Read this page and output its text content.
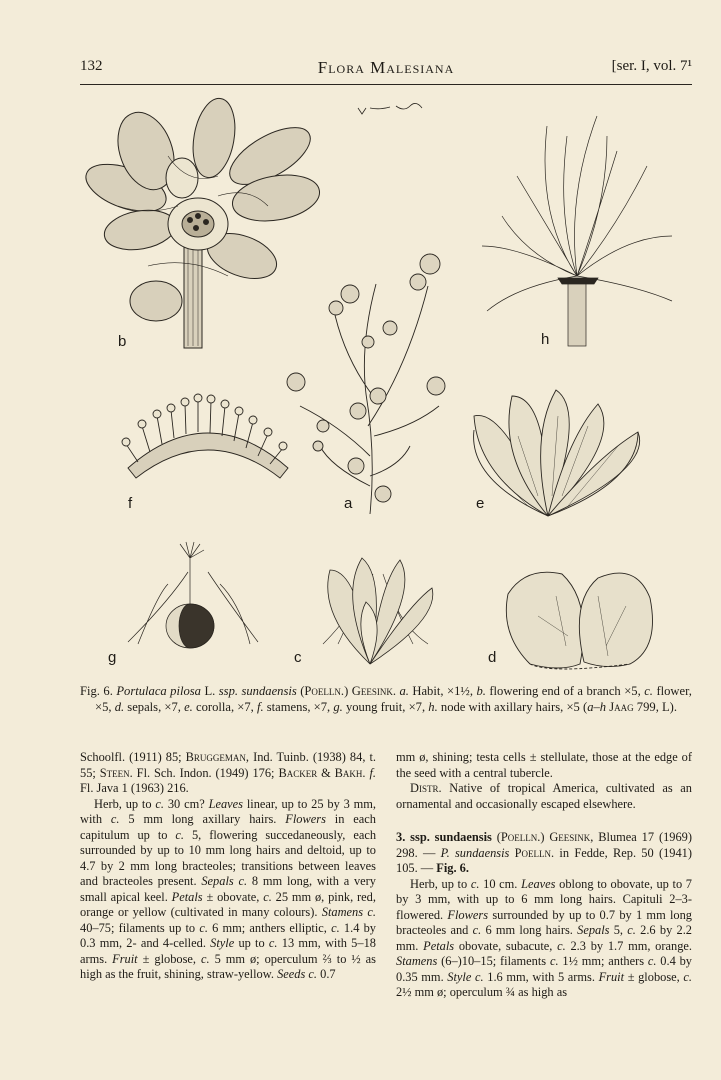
132	Flora Malesiana	[ser. I, vol. 7¹
b	h
a
f	e
g	c	d
Fig. 6. Portulaca pilosa L. ssp. sundaensis (Poelln.) Geesink. a. Habit, ×1½, b. flowering end of a branch ×5, c. flower, ×5, d. sepals, ×7, e. corolla, ×7, f. stamens, ×7, g. young fruit, ×7, h. node with axillary hairs, ×5 (a–h Jaag 799, L).

Schoolfl. (1911) 85; Bruggeman, Ind. Tuinb. (1938) 84, t. 55; Steen. Fl. Sch. Indon. (1949) 176; Backer & Bakh. f. Fl. Java 1 (1963) 216.

Herb, up to c. 30 cm? Leaves linear, up to 25 by 3 mm, with c. 5 mm long axillary hairs. Flowers in each capitulum up to c. 5, flowering succedaneously, each surrounded by up to 10 mm long hairs and deltoid, up to 4.7 by 2 mm long bracteoles; transitions between leaves and bracteoles present. Sepals c. 8 mm long, with a very small apical keel. Petals ± obovate, c. 25 mm ø, pink, red, orange or yellow (cultivated in many colours). Stamens c. 40–75; filaments up to c. 6 mm; anthers elliptic, c. 1.4 by 0.3 mm, 2- and 4-celled. Style up to c. 13 mm, with 5–18 arms. Fruit ± globose, c. 5 mm ø; operculum ⅔ to ½ as high as the fruit, shining, straw-yellow. Seeds c. 0.7

mm ø, shining; testa cells ± stellulate, those at the edge of the seed with a central tubercle.

Distr. Native of tropical America, cultivated as an ornamental and occasionally escaped elsewhere.

3. ssp. sundaensis (Poelln.) Geesink, Blumea 17 (1969) 298. — P. sundaensis Poelln. in Fedde, Rep. 50 (1941) 105. — Fig. 6.

Herb, up to c. 10 cm. Leaves oblong to obovate, up to 7 by 3 mm, with up to 6 mm long hairs. Capituli 2–3-flowered. Flowers surrounded by up to 0.7 by 1 mm long bracteoles and c. 6 mm long hairs. Sepals 5, c. 2.6 by 2.2 mm. Petals obovate, subacute, c. 2.3 by 1.7 mm, orange. Stamens (6–)10–15; filaments c. 1½ mm; anthers c. 0.4 by 0.35 mm. Style c. 1.6 mm, with 5 arms. Fruit ± globose, c. 2½ mm ø; operculum ¾ as high as
